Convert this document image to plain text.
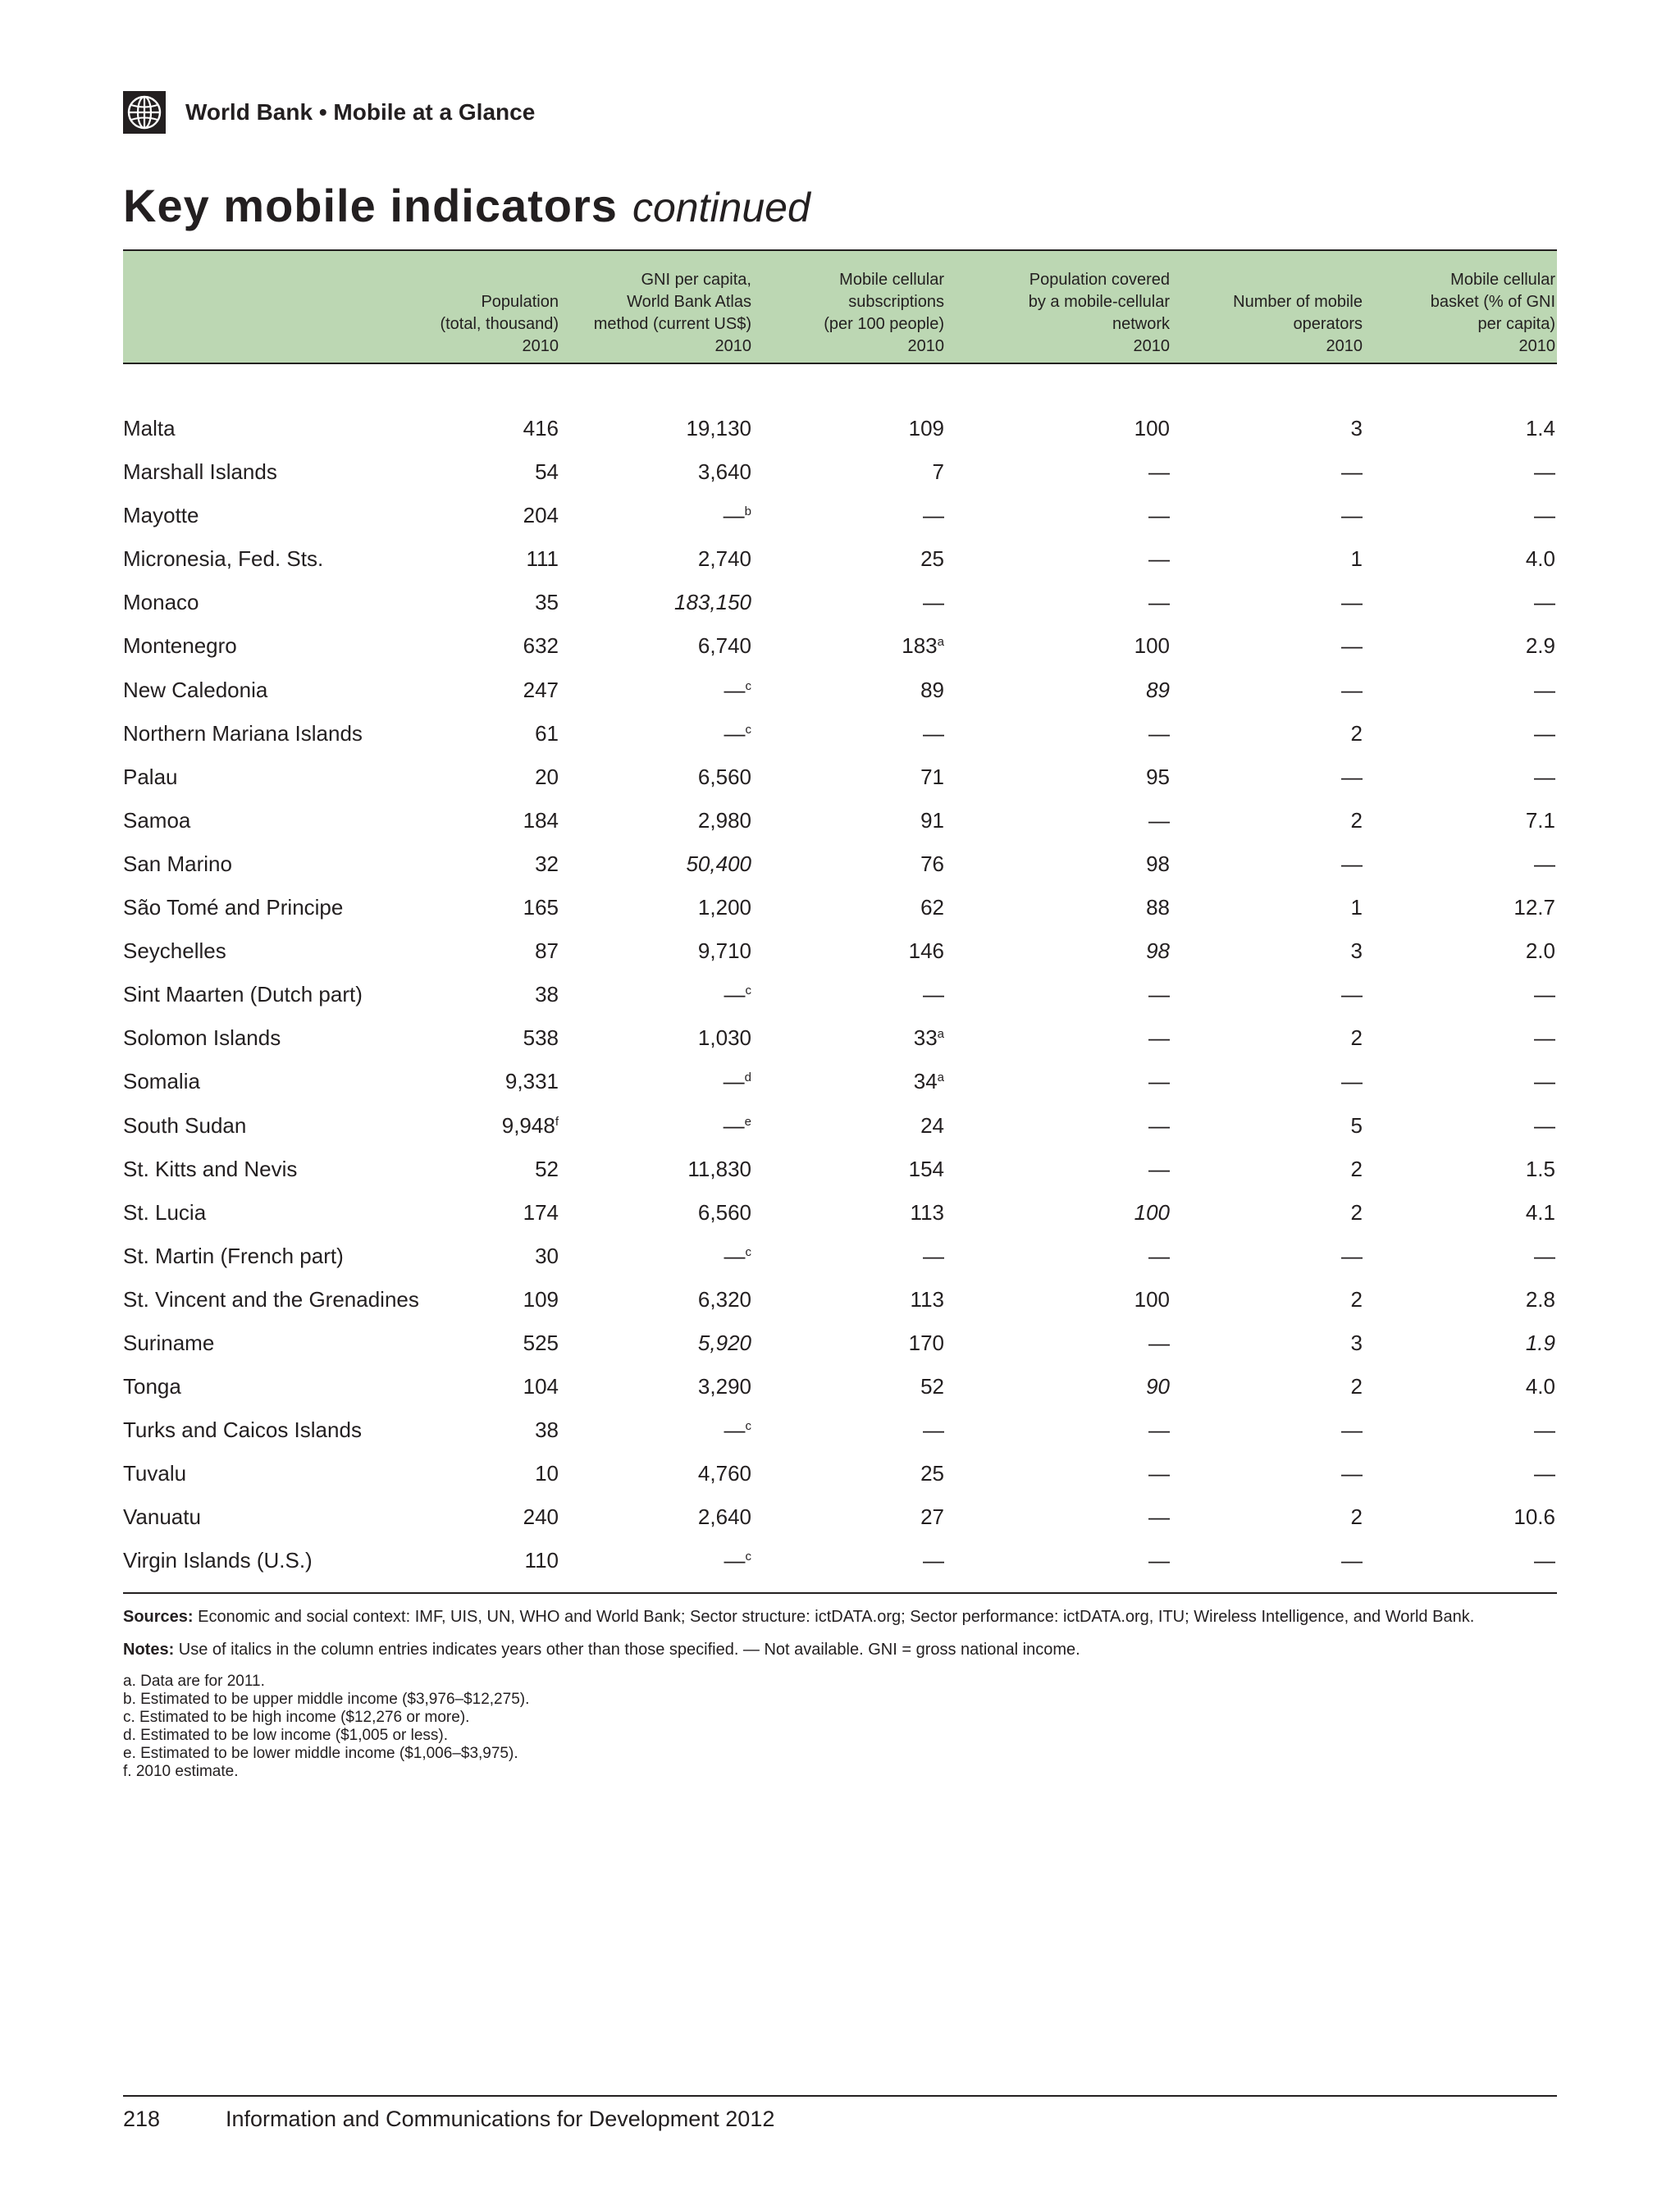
World Bank • Mobile at a Glance
Key mobile indicators continued
Population
(total, thousand)
2010
GNI per capita,
World Bank Atlas
method (current US$)
2010
Mobile cellular
subscriptions
(per 100 people)
2010
Population covered
by a mobile-cellular
network
2010
Number of mobile
operators
2010
Mobile cellular
basket (% of GNI
per capita)
2010
Malta	416	19,130	109	100	3	1.4
Marshall Islands	54	3,640	7	—	—	—
Mayotte	204	—$^b$	—	—	—	—
Micronesia, Fed. Sts.	111	2,740	25	—	1	4.0
Monaco	35	183,150	—	—	—	—
Montenegro	632	6,740	183$^a$	100	—	2.9
New Caledonia	247	—$^c$	89	89	—	—
Northern Mariana Islands	61	—$^c$	—	—	2	—
Palau	20	6,560	71	95	—	—
Samoa	184	2,980	91	—	2	7.1
San Marino	32	50,400	76	98	—	—
São Tomé and Principe	165	1,200	62	88	1	12.7
Seychelles	87	9,710	146	98	3	2.0
Sint Maarten (Dutch part)	38	—$^c$	—	—	—	—
Solomon Islands	538	1,030	33$^a$	—	2	—
Somalia	9,331	—$^d$	34$^a$	—	—	—
South Sudan	9,948$^f$	—$^e$	24	—	5	—
St. Kitts and Nevis	52	11,830	154	—	2	1.5
St. Lucia	174	6,560	113	100	2	4.1
St. Martin (French part)	30	—$^c$	—	—	—	—
St. Vincent and the Grenadines	109	6,320	113	100	2	2.8
Suriname	525	5,920	170	—	3	1.9
Tonga	104	3,290	52	90	2	4.0
Turks and Caicos Islands	38	—$^c$	—	—	—	—
Tuvalu	10	4,760	25	—	—	—
Vanuatu	240	2,640	27	—	2	10.6
Virgin Islands (U.S.)	110	—$^c$	—	—	—	—

Sources: Economic and social context: IMF, UIS, UN, WHO and World Bank; Sector structure: ictDATA.org; Sector performance: ictDATA.org, ITU; Wireless Intelligence, and World Bank.

Notes: Use of italics in the column entries indicates years other than those specified. — Not available. GNI = gross national income.

a. Data are for 2011.

b. Estimated to be upper middle income ($3,976–$12,275).

c. Estimated to be high income ($12,276 or more).

d. Estimated to be low income ($1,005 or less).

e. Estimated to be lower middle income ($1,006–$3,975).

f. 2010 estimate.

218	Information and Communications for Development 2012
